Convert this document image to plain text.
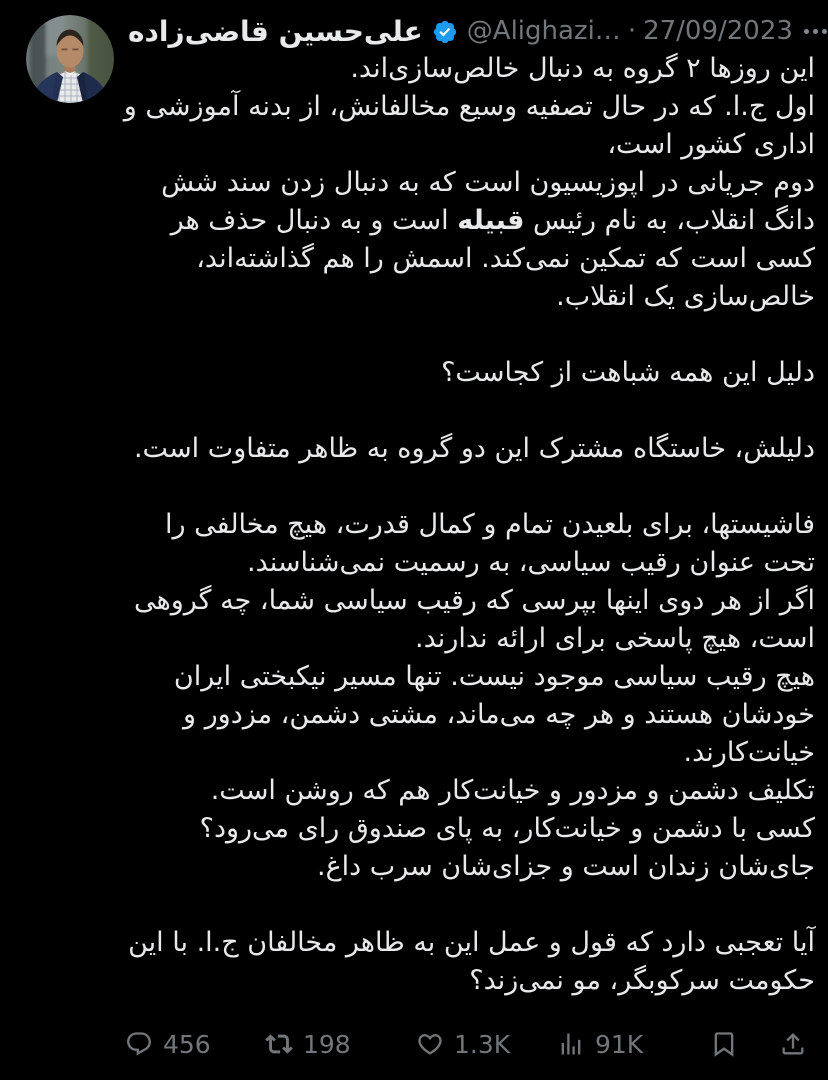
علی‌حسین قاضی‌زاده @Alighazi… · 27/09/2023
این روزها ۲ گروه به دنبال خالص‌سازی‌اند.
اول ج.ا. که در حال تصفیه وسیع مخالفانش، از بدنه آموزشی و
اداری کشور است،
دوم جریانی در اپوزیسیون است که به دنبال زدن سند شش
دانگ انقلاب، به نام رئیس قبیله است و به دنبال حذف هر
کسی است که تمکین نمی‌کند. اسمش را هم گذاشته‌اند،
خالص‌سازی یک انقلاب.
دلیل این همه شباهت از کجاست؟
دلیلش، خاستگاه مشترک این دو گروه به ظاهر متفاوت است.
فاشیستها، برای بلعیدن تمام و کمال قدرت، هیچ مخالفی را
تحت عنوان رقیب سیاسی، به رسمیت نمی‌شناسند.
اگر از هر دوی اینها بپرسی که رقیب سیاسی شما، چه گروهی
است، هیچ پاسخی برای ارائه ندارند.
هیچ رقیب سیاسی موجود نیست. تنها مسیر نیکبختی ایران
خودشان هستند و هر چه می‌ماند، مشتی دشمن، مزدور و
خیانت‌کارند.
تکلیف دشمن و مزدور و خیانت‌کار هم که روشن است.
کسی با دشمن و خیانت‌کار، به پای صندوق رای می‌رود؟
جای‌شان زندان است و جزای‌شان سرب داغ.
آیا تعجبی دارد که قول و عمل این به ظاهر مخالفان ج.ا. با این
حکومت سرکوبگر، مو نمی‌زند؟
456	198	1.3K	91K
